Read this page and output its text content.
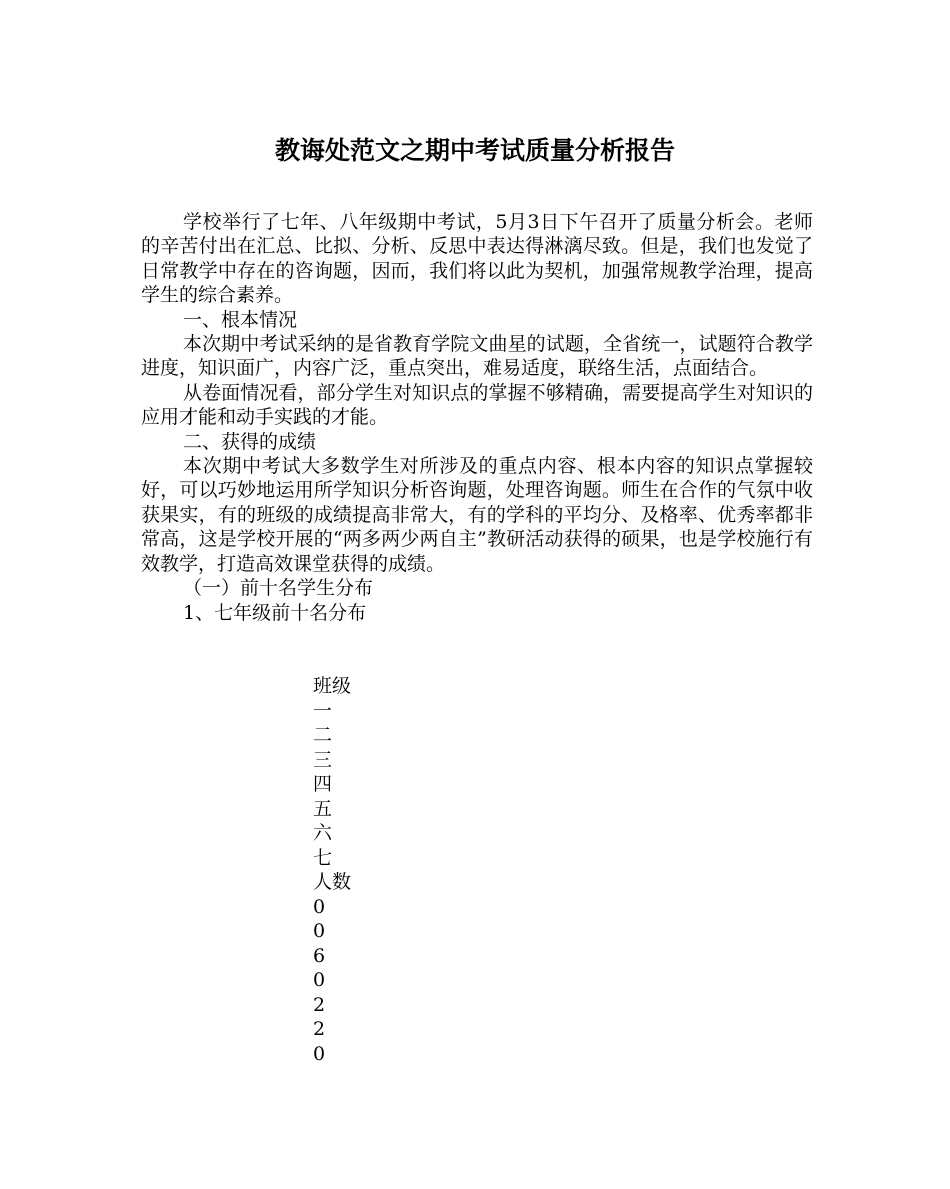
教诲处范文之期中考试质量分析报告

学校举行了七年、八年级期中考试，5月3日下午召开了质量分析会。老师的辛苦付出在汇总、比拟、分析、反思中表达得淋漓尽致。但是，我们也发觉了日常教学中存在的咨询题，因而，我们将以此为契机，加强常规教学治理，提高学生的综合素养。

一、根本情况

本次期中考试采纳的是省教育学院文曲星的试题，全省统一，试题符合教学进度，知识面广，内容广泛，重点突出，难易适度，联络生活，点面结合。

从卷面情况看，部分学生对知识点的掌握不够精确，需要提高学生对知识的应用才能和动手实践的才能。

二、获得的成绩

本次期中考试大多数学生对所涉及的重点内容、根本内容的知识点掌握较好，可以巧妙地运用所学知识分析咨询题，处理咨询题。师生在合作的气氛中收获果实，有的班级的成绩提高非常大，有的学科的平均分、及格率、优秀率都非常高，这是学校开展的“两多两少两自主”教研活动获得的硕果，也是学校施行有效教学，打造高效课堂获得的成绩。

（一）前十名学生分布

1、七年级前十名分布

班级
一
二
三
四
五
六
七
人数
0
0
6
0
2
2
0
